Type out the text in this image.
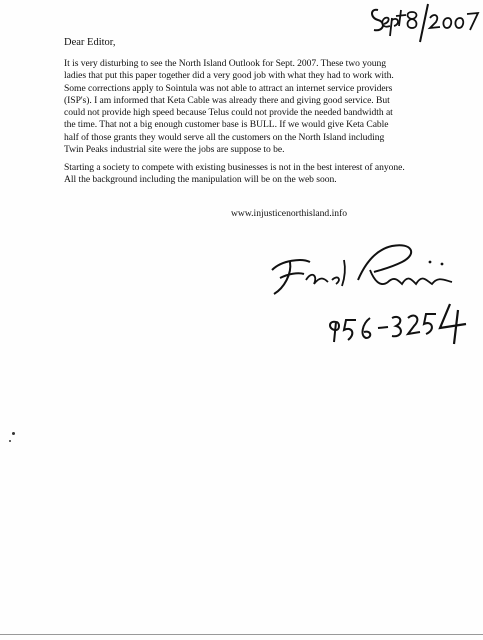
Dear Editor,

It is very disturbing to see the North Island Outlook for Sept. 2007. These two young
ladies that put this paper together did a very good job with what they had to work with.
Some corrections apply to Sointula was not able to attract an internet service providers
(ISP's). I am informed that Keta Cable was already there and giving good service. But
could not provide high speed because Telus could not provide the needed bandwidth at
the time. That not a big enough customer base is BULL. If we would give Keta Cable
half of those grants they would serve all the customers on the North Island including
Twin Peaks industrial site were the jobs are suppose to be.
Starting a society to compete with existing businesses is not in the best interest of anyone.
All the background including the manipulation will be on the web soon.

www.injusticenorthisland.info
